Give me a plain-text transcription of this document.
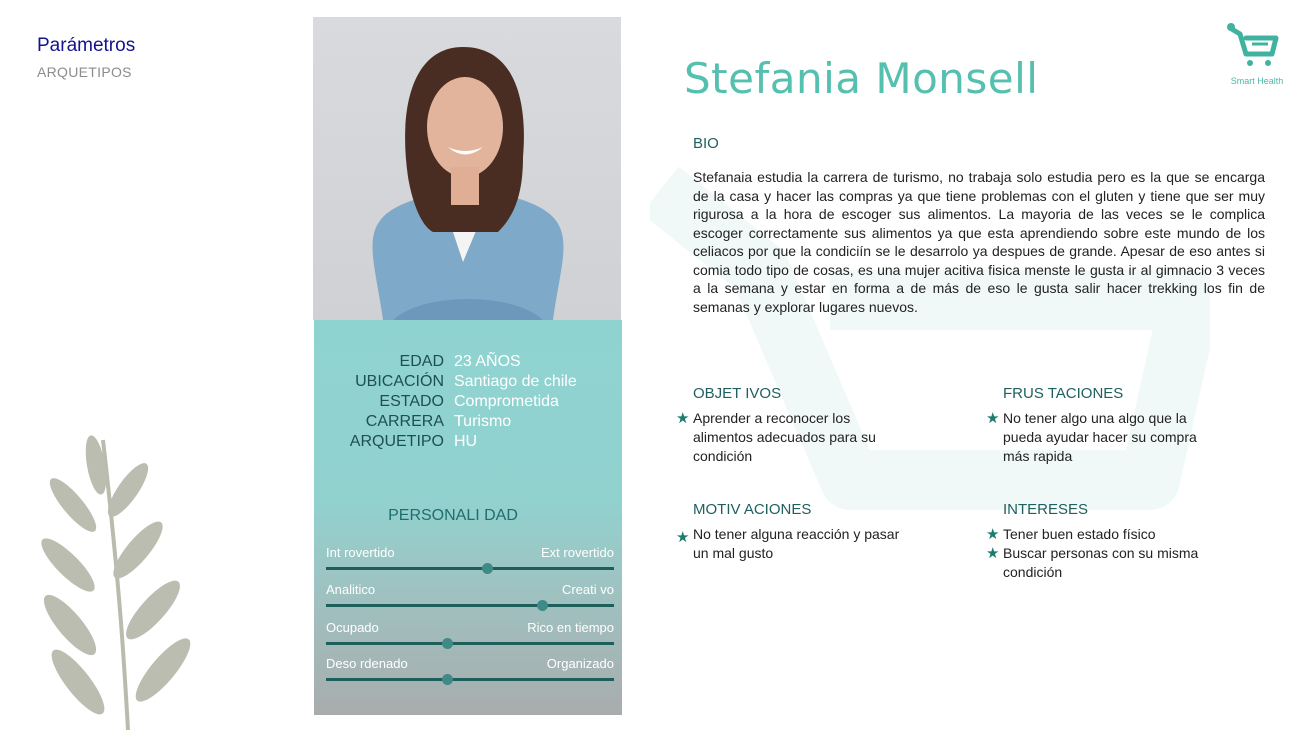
Parámetros
ARQUETIPOS
EDAD 23 AÑOS
UBICACIÓN Santiago de chile
ESTADO Comprometida
CARRERA Turismo
ARQUETIPO HU
PERSONALI DAD
Int rovertido	Ext rovertido
Analitico	Creati vo
Ocupado	Rico en tiempo
Deso rdenado	Organizado
Stefania Monsell	Smart Health
BIO
Stefanaia estudia la carrera de turismo, no trabaja solo estudia pero es la que se encarga de la casa y hacer las compras ya que tiene problemas con el gluten y tiene que ser muy rigurosa a la hora de escoger sus alimentos. La mayoria de las veces se le complica escoger correctamente sus alimentos ya que esta aprendiendo sobre este mundo de los celiacos por que la condiciín se le desarrolo ya despues de grande. Apesar de eso antes si comia todo tipo de cosas, es una mujer acitiva fisica menste le gusta ir al gimnacio 3 veces a la semana y estar en forma a de más de eso le gusta salir hacer trekking los fin de semanas y explorar lugares nuevos.
OBJET IVOS
★ Aprender a reconocer los alimentos adecuados para su condición
FRUS TACIONES
★ No tener algo una algo que la pueda ayudar hacer su compra más rapida
MOTIV ACIONES
★ No tener alguna reacción y pasar un mal gusto
INTERESES
★ Tener buen estado físico
★ Buscar personas con su misma condición
